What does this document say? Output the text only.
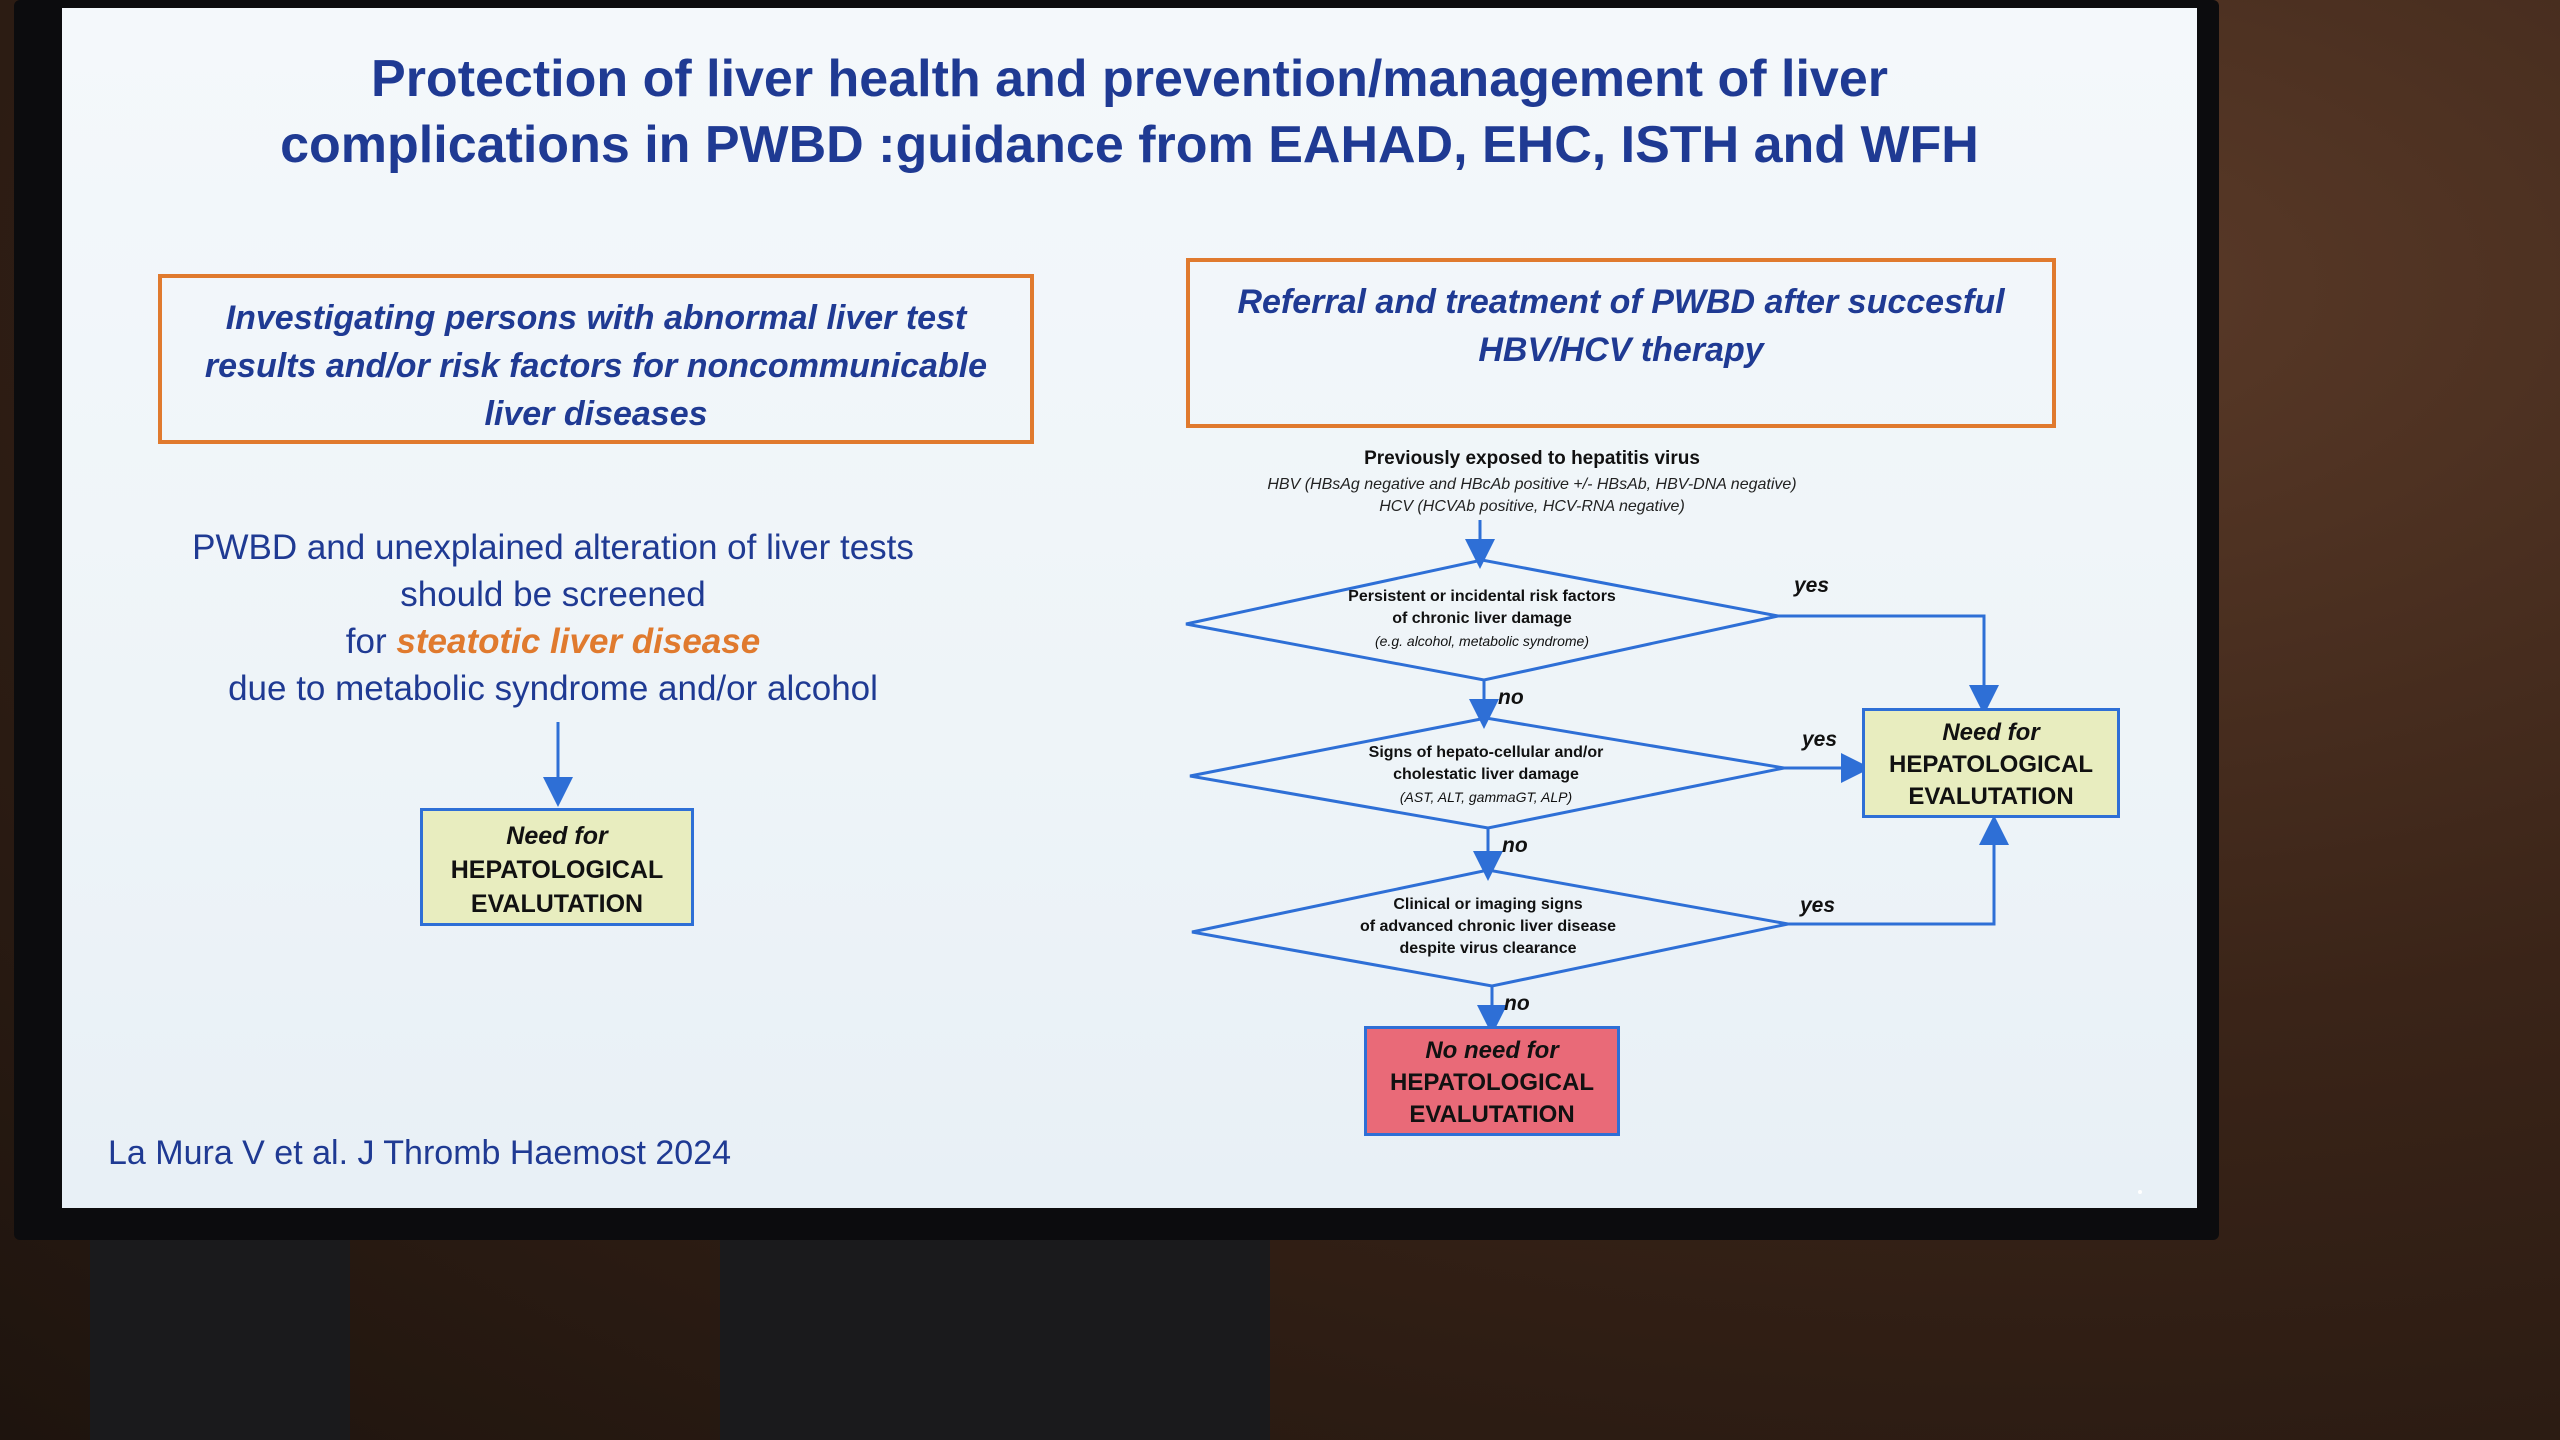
Protection of liver health and prevention/management of liver
complications in PWBD :guidance from EAHAD, EHC, ISTH and WFH
Investigating persons with abnormal liver test
results and/or risk factors for noncommunicable
liver diseases
Referral and treatment of PWBD after succesful
HBV/HCV therapy
PWBD and unexplained alteration of liver tests
should be screened
for steatotic liver disease
due to metabolic syndrome and/or alcohol
Need for
HEPATOLOGICAL
EVALUTATION
Previously exposed to hepatitis virus
HBV (HBsAg negative and HBcAb positive +/- HBsAb, HBV-DNA negative)
HCV (HCVAb positive, HCV-RNA negative)
Persistent or incidental risk factors
of chronic liver damage
(e.g. alcohol, metabolic syndrome)
Signs of hepato-cellular and/or
cholestatic liver damage
(AST, ALT, gammaGT, ALP)
Clinical or imaging signs
of advanced chronic liver disease
despite virus clearance
yes
no
yes
no
yes
no
Need for
HEPATOLOGICAL
EVALUTATION
No need for
HEPATOLOGICAL
EVALUTATION
La Mura V et al. J Thromb Haemost 2024
